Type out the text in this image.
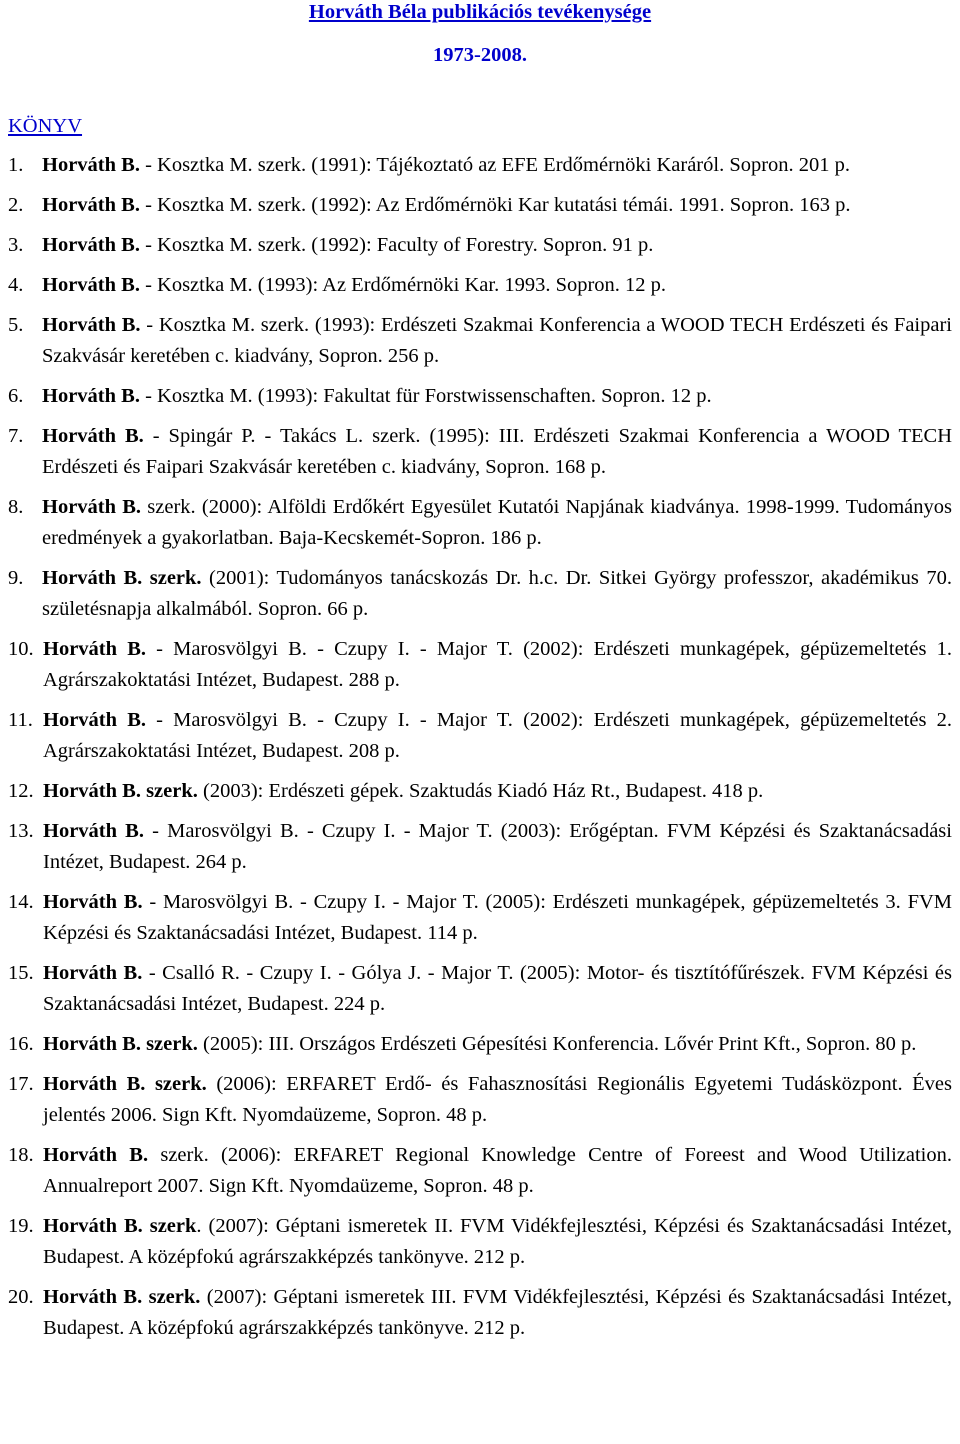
Horváth Béla publikációs tevékenysége
1973-2008.
KÖNYV
1. Horváth B. - Kosztka M. szerk. (1991): Tájékoztató az EFE Erdőmérnöki Karáról. Sopron. 201 p.
2. Horváth B. - Kosztka M. szerk. (1992): Az Erdőmérnöki Kar kutatási témái. 1991. Sopron. 163 p.
3. Horváth B. - Kosztka M. szerk. (1992): Faculty of Forestry. Sopron. 91 p.
4. Horváth B. - Kosztka M. (1993): Az Erdőmérnöki Kar. 1993. Sopron. 12 p.
5. Horváth B. - Kosztka M. szerk. (1993): Erdészeti Szakmai Konferencia a WOOD TECH Erdészeti és Faipari Szakvásár keretében c. kiadvány, Sopron. 256 p.
6. Horváth B. - Kosztka M. (1993): Fakultat für Forstwissenschaften. Sopron. 12 p.
7. Horváth B. - Spingár P. - Takács L. szerk. (1995): III. Erdészeti Szakmai Konferencia a WOOD TECH Erdészeti és Faipari Szakvásár keretében c. kiadvány, Sopron. 168 p.
8. Horváth B. szerk. (2000): Alföldi Erdőkért Egyesület Kutatói Napjának kiadványa. 1998-1999. Tudományos eredmények a gyakorlatban. Baja-Kecskemét-Sopron. 186 p.
9. Horváth B. szerk. (2001): Tudományos tanácskozás Dr. h.c. Dr. Sitkei György professzor, akadémikus 70. születésnapja alkalmából. Sopron. 66 p.
10. Horváth B. - Marosvölgyi B. - Czupy I. - Major T. (2002): Erdészeti munkagépek, gépüzemeltetés 1. Agrárszakoktatási Intézet, Budapest. 288 p.
11. Horváth B. - Marosvölgyi B. - Czupy I. - Major T. (2002): Erdészeti munkagépek, gépüzemeltetés 2. Agrárszakoktatási Intézet, Budapest. 208 p.
12. Horváth B. szerk. (2003): Erdészeti gépek. Szaktudás Kiadó Ház Rt., Budapest. 418 p.
13. Horváth B. - Marosvölgyi B. - Czupy I. - Major T. (2003): Erőgéptan. FVM Képzési és Szaktanácsadási Intézet, Budapest. 264 p.
14. Horváth B. - Marosvölgyi B. - Czupy I. - Major T. (2005): Erdészeti munkagépek, gépüzemeltetés 3. FVM Képzési és Szaktanácsadási Intézet, Budapest. 114 p.
15. Horváth B. - Csalló R. - Czupy I. - Gólya J. - Major T. (2005): Motor- és tisztítófűrészek. FVM Képzési és Szaktanácsadási Intézet, Budapest. 224 p.
16. Horváth B. szerk. (2005): III. Országos Erdészeti Gépesítési Konferencia. Lővér Print Kft., Sopron. 80 p.
17. Horváth B. szerk. (2006): ERFARET Erdő- és Fahasznosítási Regionális Egyetemi Tudásközpont. Éves jelentés 2006. Sign Kft. Nyomdaüzeme, Sopron. 48 p.
18. Horváth B. szerk. (2006): ERFARET Regional Knowledge Centre of Foreest and Wood Utilization. Annualreport 2007. Sign Kft. Nyomdaüzeme, Sopron. 48 p.
19. Horváth B. szerk. (2007): Géptani ismeretek II. FVM Vidékfejlesztési, Képzési és Szaktanácsadási Intézet, Budapest. A középfokú agrárszakképzés tankönyve. 212 p.
20. Horváth B. szerk. (2007): Géptani ismeretek III. FVM Vidékfejlesztési, Képzési és Szaktanácsadási Intézet, Budapest. A középfokú agrárszakképzés tankönyve. 212 p.
